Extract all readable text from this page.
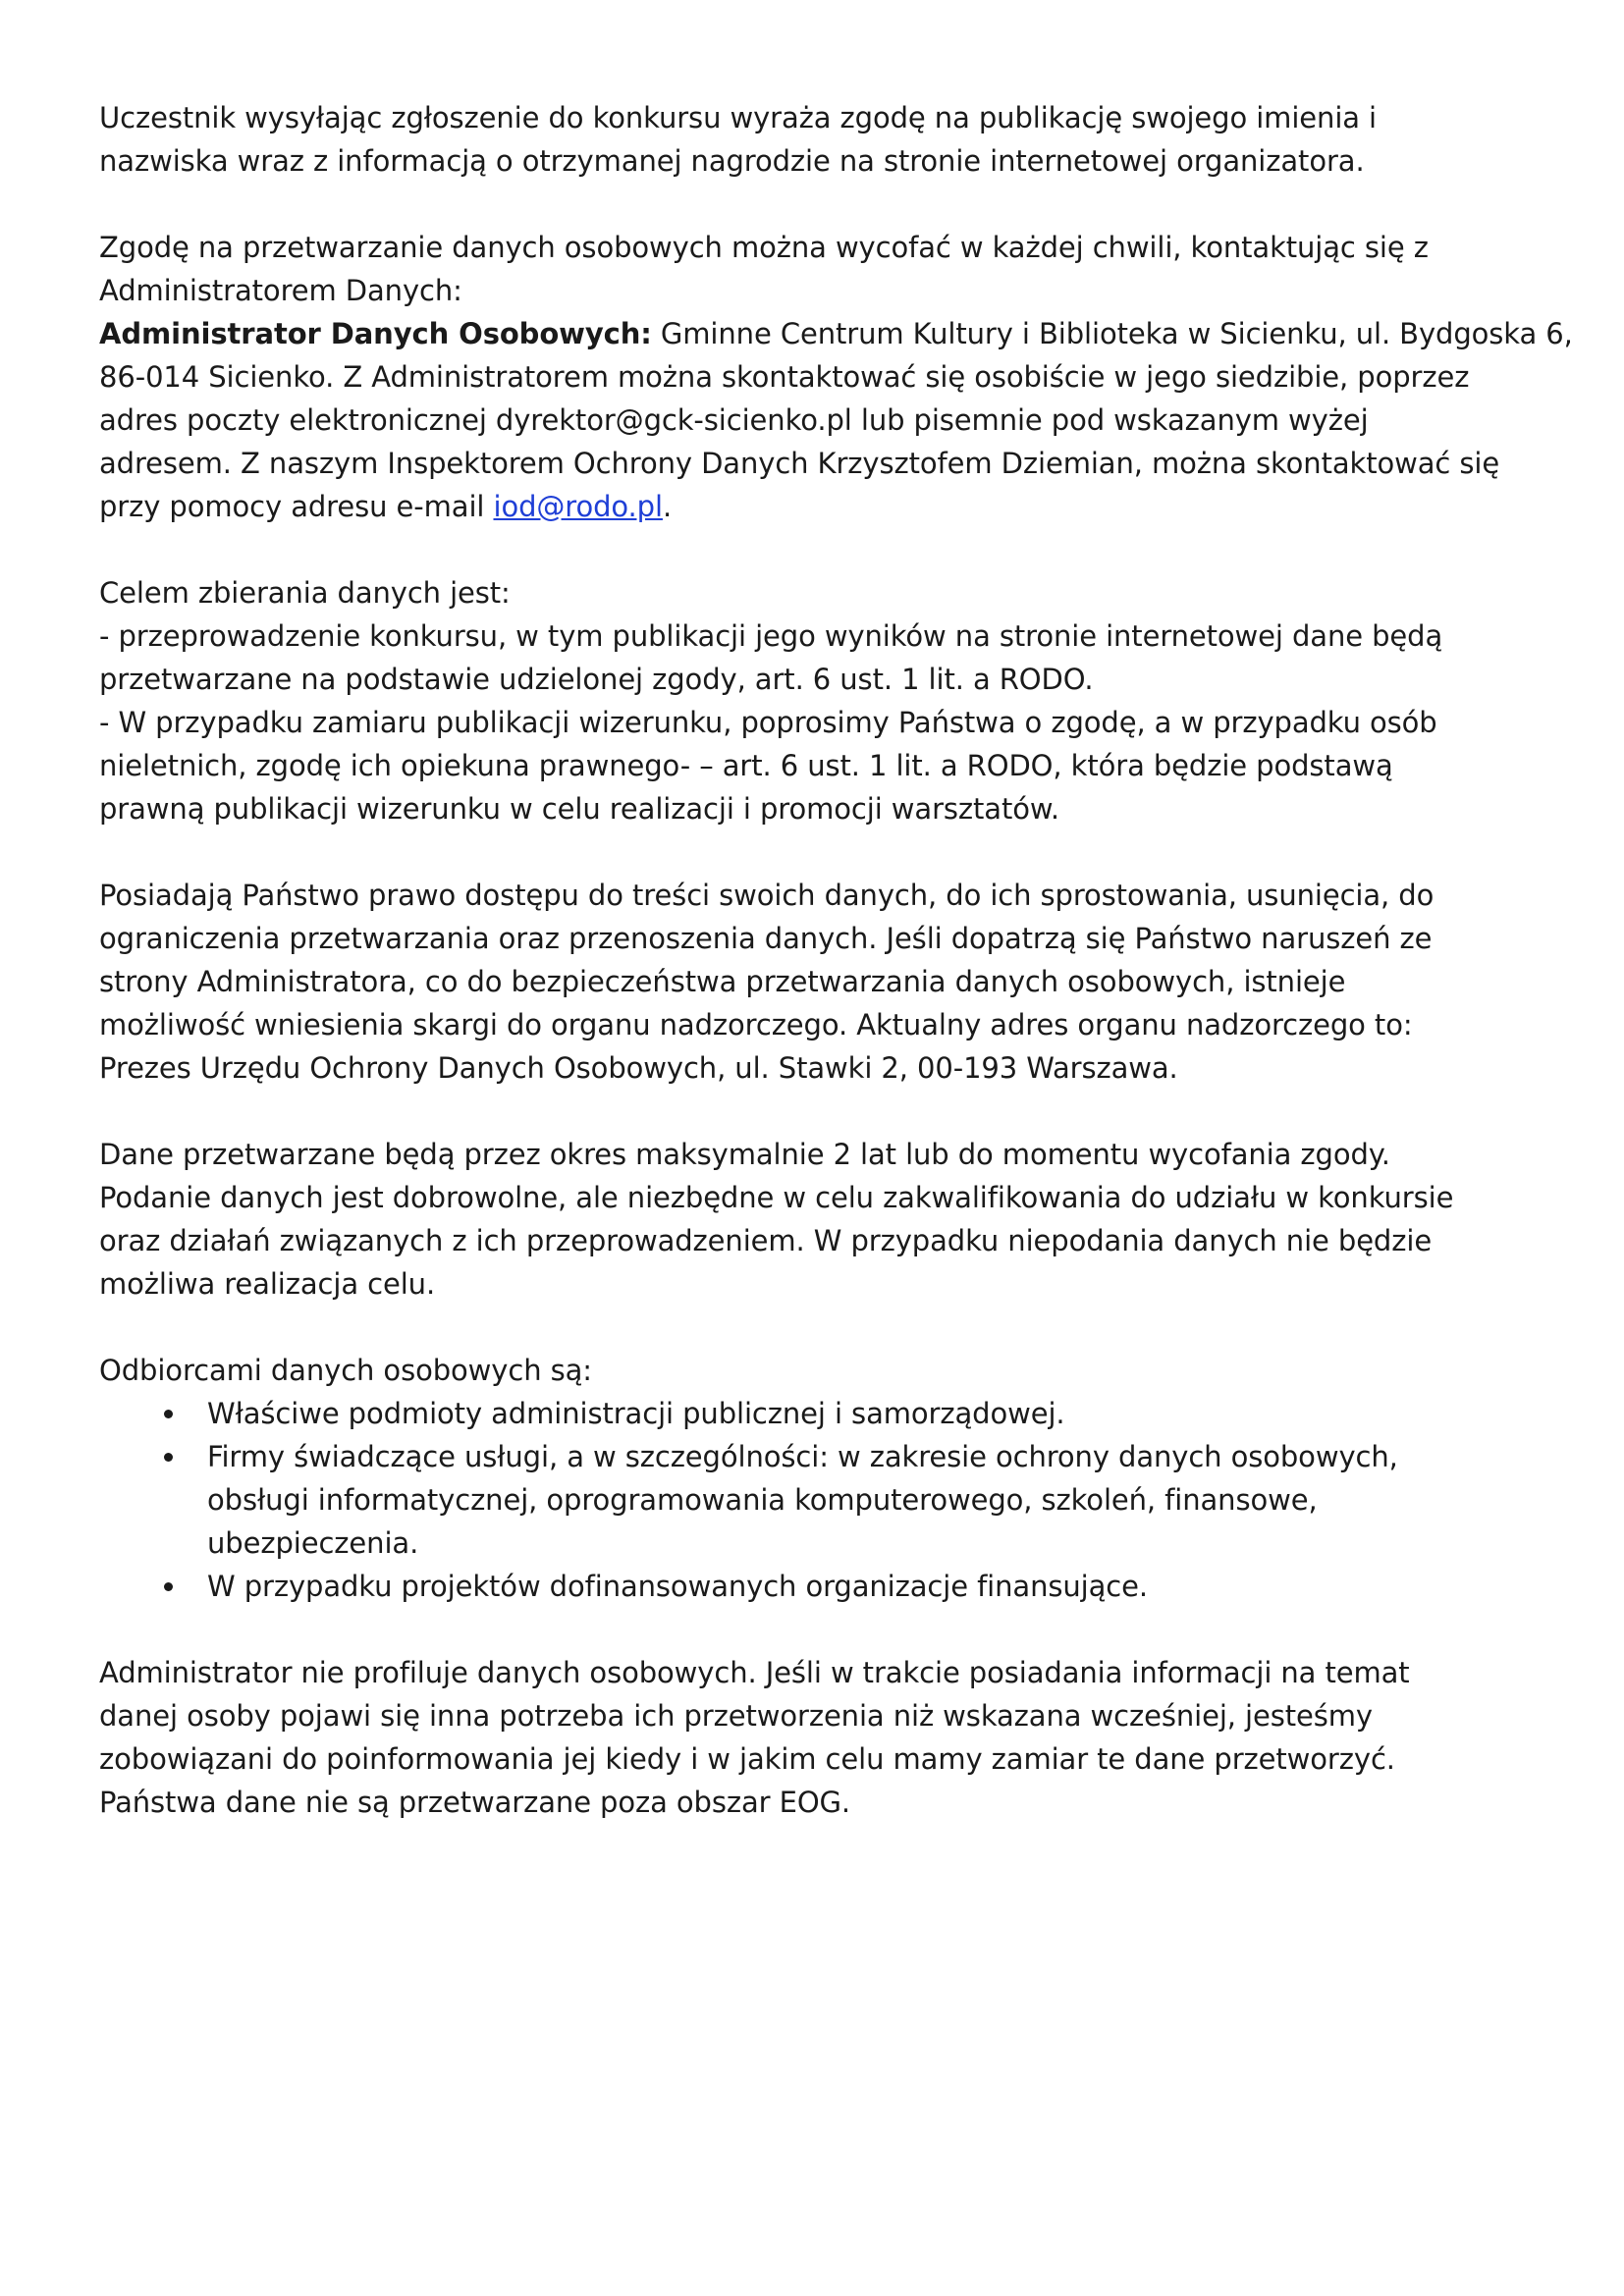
Uczestnik wysyłając zgłoszenie do konkursu wyraża zgodę na publikację swojego imienia i
nazwiska wraz z informacją o otrzymanej nagrodzie na stronie internetowej organizatora.
Zgodę na przetwarzanie danych osobowych można wycofać w każdej chwili, kontaktując się z
Administratorem Danych:
Administrator Danych Osobowych: Gminne Centrum Kultury i Biblioteka w Sicienku, ul. Bydgoska 6,
86-014 Sicienko. Z Administratorem można skontaktować się osobiście w jego siedzibie, poprzez
adres poczty elektronicznej dyrektor@gck-sicienko.pl lub pisemnie pod wskazanym wyżej
adresem. Z naszym Inspektorem Ochrony Danych Krzysztofem Dziemian, można skontaktować się
przy pomocy adresu e-mail iod@rodo.pl.
Celem zbierania danych jest:
- przeprowadzenie konkursu, w tym publikacji jego wyników na stronie internetowej dane będą
przetwarzane na podstawie udzielonej zgody, art. 6 ust. 1 lit. a RODO.
- W przypadku zamiaru publikacji wizerunku, poprosimy Państwa o zgodę, a w przypadku osób
nieletnich, zgodę ich opiekuna prawnego- – art. 6 ust. 1 lit. a RODO, która będzie podstawą
prawną publikacji wizerunku w celu realizacji i promocji warsztatów.
Posiadają Państwo prawo dostępu do treści swoich danych, do ich sprostowania, usunięcia, do
ograniczenia przetwarzania oraz przenoszenia danych. Jeśli dopatrzą się Państwo naruszeń ze
strony Administratora, co do bezpieczeństwa przetwarzania danych osobowych, istnieje
możliwość wniesienia skargi do organu nadzorczego. Aktualny adres organu nadzorczego to:
Prezes Urzędu Ochrony Danych Osobowych, ul. Stawki 2, 00-193 Warszawa.
Dane przetwarzane będą przez okres maksymalnie 2 lat lub do momentu wycofania zgody.
Podanie danych jest dobrowolne, ale niezbędne w celu zakwalifikowania do udziału w konkursie
oraz działań związanych z ich przeprowadzeniem. W przypadku niepodania danych nie będzie
możliwa realizacja celu.
Odbiorcami danych osobowych są:
Właściwe podmioty administracji publicznej i samorządowej.
Firmy świadczące usługi, a w szczególności: w zakresie ochrony danych osobowych,
obsługi informatycznej, oprogramowania komputerowego, szkoleń, finansowe,
ubezpieczenia.
W przypadku projektów dofinansowanych organizacje finansujące.
Administrator nie profiluje danych osobowych. Jeśli w trakcie posiadania informacji na temat
danej osoby pojawi się inna potrzeba ich przetworzenia niż wskazana wcześniej, jesteśmy
zobowiązani do poinformowania jej kiedy i w jakim celu mamy zamiar te dane przetworzyć.
Państwa dane nie są przetwarzane poza obszar EOG.
